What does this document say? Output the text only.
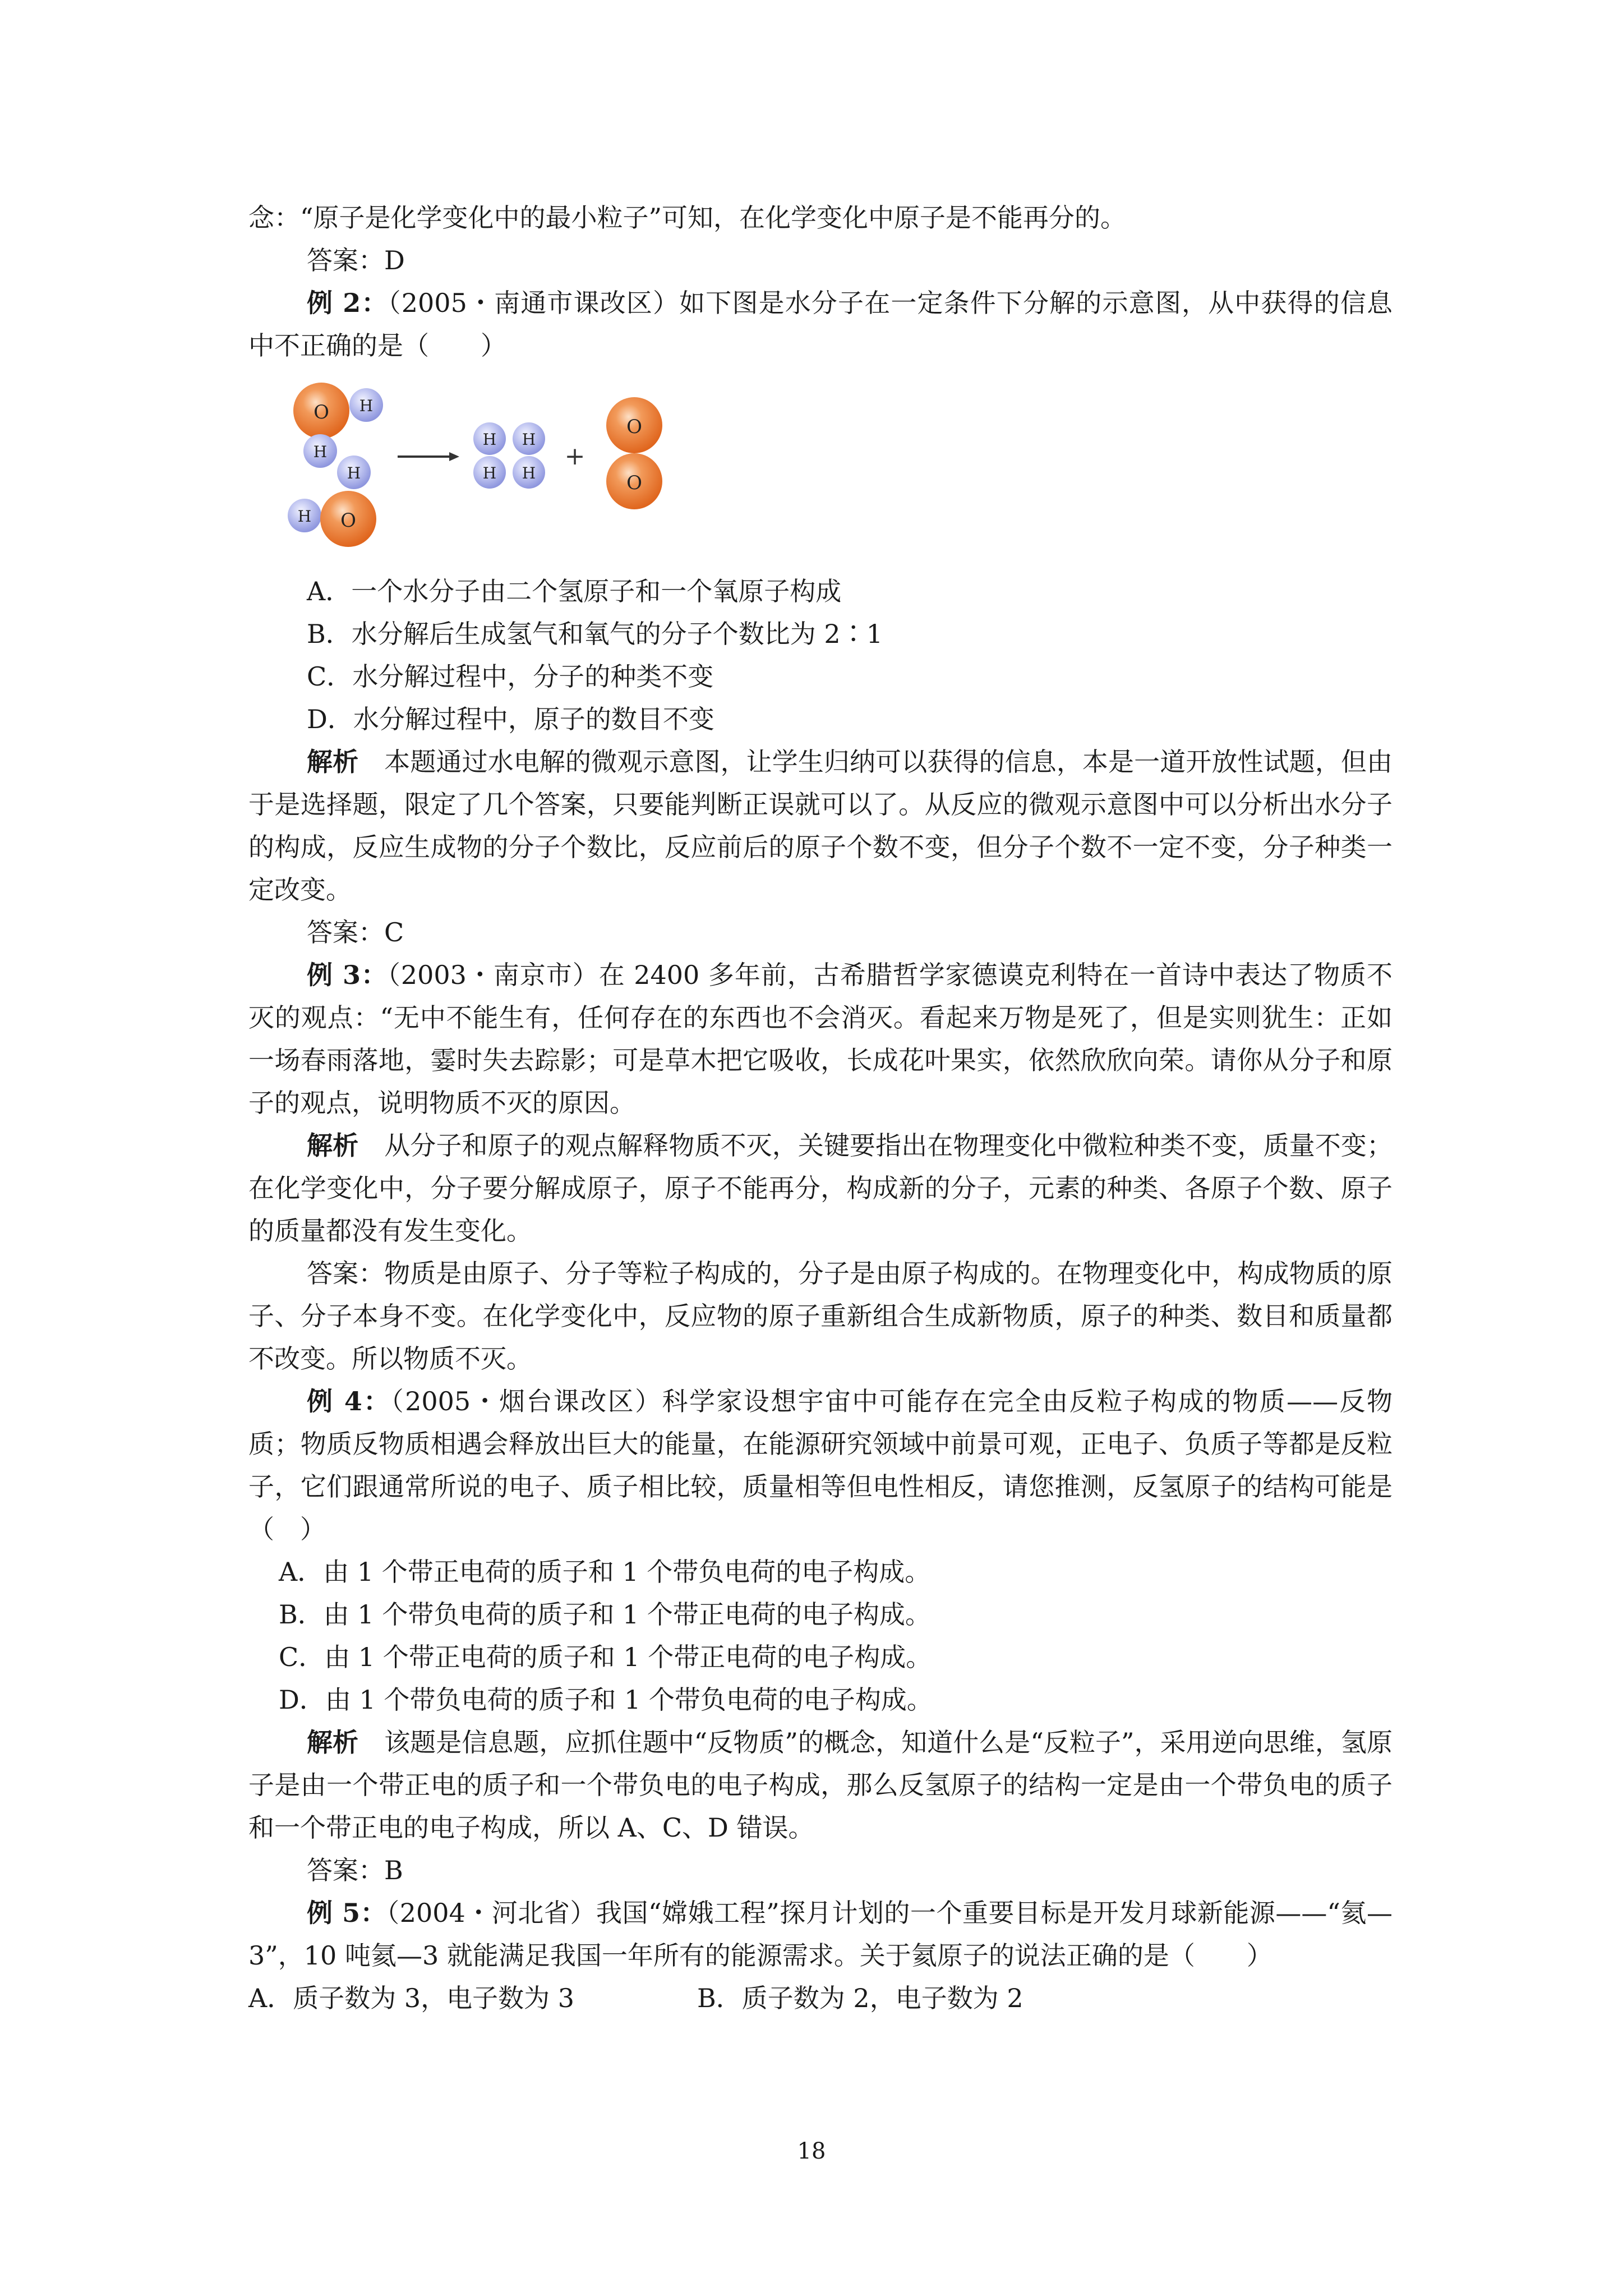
念：“原子是化学变化中的最小粒子”可知，在化学变化中原子是不能再分的。

答案：D

例 2：（2005・南通市课改区）如下图是水分子在一定条件下分解的示意图，从中获得的信息中不正确的是（　　）

O H
H
H
H O
H
H
H
H
+
O
O

A．一个水分子由二个氢原子和一个氧原子构成

B．水分解后生成氢气和氧气的分子个数比为 2∶1

C．水分解过程中，分子的种类不变

D．水分解过程中，原子的数目不变

解析　本题通过水电解的微观示意图，让学生归纳可以获得的信息，本是一道开放性试题，但由于是选择题，限定了几个答案，只要能判断正误就可以了。从反应的微观示意图中可以分析出水分子的构成，反应生成物的分子个数比，反应前后的原子个数不变，但分子个数不一定不变，分子种类一定改变。

答案：C

例 3：（2003・南京市）在 2400 多年前，古希腊哲学家德谟克利特在一首诗中表达了物质不灭的观点：“无中不能生有，任何存在的东西也不会消灭。看起来万物是死了，但是实则犹生：正如一场春雨落地，霎时失去踪影；可是草木把它吸收，长成花叶果实，依然欣欣向荣。请你从分子和原子的观点，说明物质不灭的原因。

解析　从分子和原子的观点解释物质不灭，关键要指出在物理变化中微粒种类不变，质量不变；在化学变化中，分子要分解成原子，原子不能再分，构成新的分子，元素的种类、各原子个数、原子的质量都没有发生变化。

答案：物质是由原子、分子等粒子构成的，分子是由原子构成的。在物理变化中，构成物质的原子、分子本身不变。在化学变化中，反应物的原子重新组合生成新物质，原子的种类、数目和质量都不改变。所以物质不灭。

例 4：（2005・烟台课改区）科学家设想宇宙中可能存在完全由反粒子构成的物质——反物质；物质反物质相遇会释放出巨大的能量，在能源研究领域中前景可观，正电子、负质子等都是反粒子，它们跟通常所说的电子、质子相比较，质量相等但电性相反，请您推测，反氢原子的结构可能是（　）

A．由 1 个带正电荷的质子和 1 个带负电荷的电子构成。

B．由 1 个带负电荷的质子和 1 个带正电荷的电子构成。

C．由 1 个带正电荷的质子和 1 个带正电荷的电子构成。

D．由 1 个带负电荷的质子和 1 个带负电荷的电子构成。

解析　该题是信息题，应抓住题中“反物质”的概念，知道什么是“反粒子”，采用逆向思维，氢原子是由一个带正电的质子和一个带负电的电子构成，那么反氢原子的结构一定是由一个带负电的质子和一个带正电的电子构成，所以 A、C、D 错误。

答案：B

例 5：（2004・河北省）我国“嫦娥工程”探月计划的一个重要目标是开发月球新能源——“氦—3”，10 吨氦—3 就能满足我国一年所有的能源需求。关于氦原子的说法正确的是（　　）

A．质子数为 3，电子数为 3	B．质子数为 2，电子数为 2
18
